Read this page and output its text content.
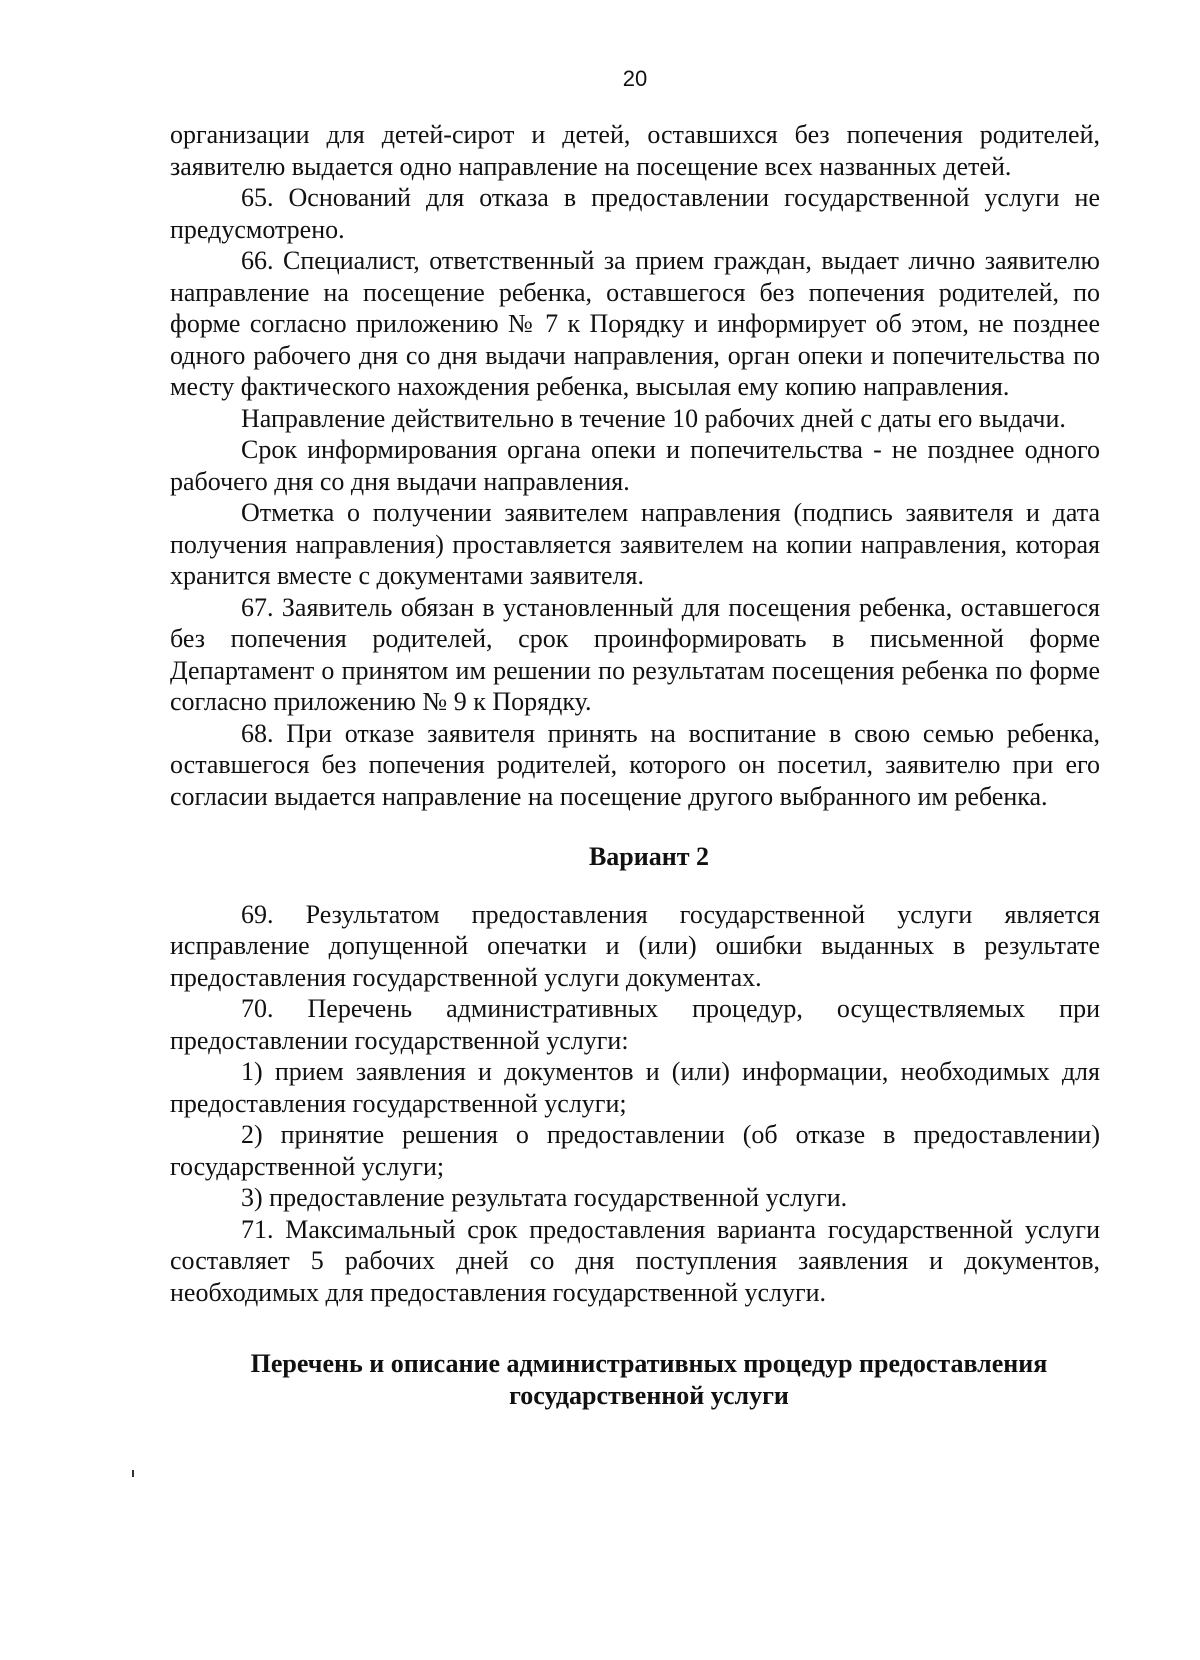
20

организации для детей-сирот и детей, оставшихся без попечения родителей, заявителю выдается одно направление на посещение всех названных детей.

65. Оснований для отказа в предоставлении государственной услуги не предусмотрено.

66. Специалист, ответственный за прием граждан, выдает лично заявителю направление на посещение ребенка, оставшегося без попечения родителей, по форме согласно приложению № 7 к Порядку и информирует об этом, не позднее одного рабочего дня со дня выдачи направления, орган опеки и попечительства по месту фактического нахождения ребенка, высылая ему копию направления.

Направление действительно в течение 10 рабочих дней с даты его выдачи.

Срок информирования органа опеки и попечительства - не позднее одного рабочего дня со дня выдачи направления.

Отметка о получении заявителем направления (подпись заявителя и дата получения направления) проставляется заявителем на копии направления, которая хранится вместе с документами заявителя.

67. Заявитель обязан в установленный для посещения ребенка, оставшегося без попечения родителей, срок проинформировать в письменной форме Департамент о принятом им решении по результатам посещения ребенка по форме согласно приложению № 9 к Порядку.

68. При отказе заявителя принять на воспитание в свою семью ребенка, оставшегося без попечения родителей, которого он посетил, заявителю при его согласии выдается направление на посещение другого выбранного им ребенка.

Вариант 2

69. Результатом предоставления государственной услуги является исправление допущенной опечатки и (или) ошибки выданных в результате предоставления государственной услуги документах.

70. Перечень административных процедур, осуществляемых при предоставлении государственной услуги:

1) прием заявления и документов и (или) информации, необходимых для предоставления государственной услуги;

2) принятие решения о предоставлении (об отказе в предоставлении) государственной услуги;

3) предоставление результата государственной услуги.

71. Максимальный срок предоставления варианта государственной услуги составляет 5 рабочих дней со дня поступления заявления и документов, необходимых для предоставления государственной услуги.

Перечень и описание административных процедур предоставления
государственной услуги
